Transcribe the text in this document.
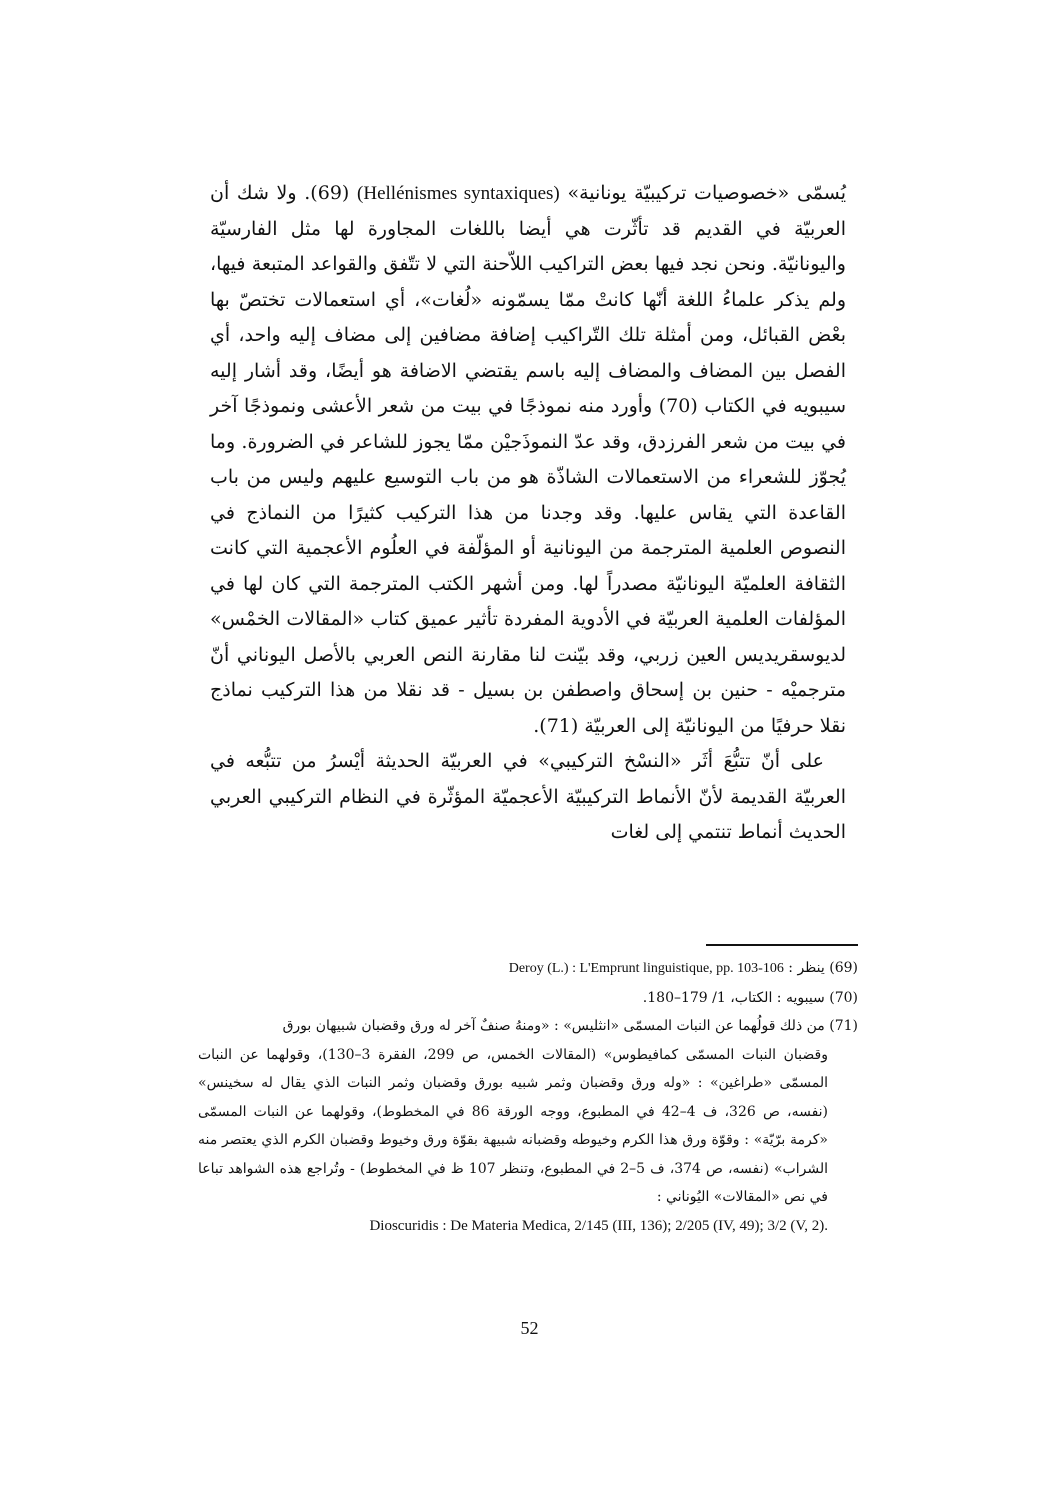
يُسمّى «خصوصيات تركيبيّة يونانية» (Hellénismes syntaxiques) (69). ولا شك أن العربيّة في القديم قد تأثّرت هي أيضا باللغات المجاورة لها مثل الفارسيّة واليونانيّة. ونحن نجد فيها بعض التراكيب اللاّحنة التي لا تتّفق والقواعد المتبعة فيها، ولم يذكر علماءُ اللغة أنّها كانتْ ممّا يسمّونه «لُغات»، أي استعمالات تختصّ بها بعْض القبائل، ومن أمثلة تلك التّراكيب إضافة مضافين إلى مضاف إليه واحد، أي الفصل بين المضاف والمضاف إليه باسم يقتضي الاضافة هو أيضًا، وقد أشار إليه سيبويه في الكتاب (70) وأورد منه نموذجًا في بيت من شعر الأعشى ونموذجًا آخر في بيت من شعر الفرزدق، وقد عدّ النموذَجيْن ممّا يجوز للشاعر في الضرورة. وما يُجوّز للشعراء من الاستعمالات الشاذّة هو من باب التوسيع عليهم وليس من باب القاعدة التي يقاس عليها. وقد وجدنا من هذا التركيب كثيرًا من النماذج في النصوص العلمية المترجمة من اليونانية أو المؤلّفة في العلُوم الأعجمية التي كانت الثقافة العلميّة اليونانيّة مصدراً لها. ومن أشهر الكتب المترجمة التي كان لها في المؤلفات العلمية العربيّة في الأدوية المفردة تأثير عميق كتاب «المقالات الخمْس» لديوسقريديس العين زربي، وقد بيّنت لنا مقارنة النص العربي بالأصل اليوناني أنّ مترجميْه - حنين بن إسحاق واصطفن بن بسيل - قد نقلا من هذا التركيب نماذج نقلا حرفيًا من اليونانيّة إلى العربيّة (71).

على أنّ تتبُّعَ أثَر «النسْخ التركيبي» في العربيّة الحديثة أيْسرُ من تتبُّعه في العربيّة القديمة لأنّ الأنماط التركيبيّة الأعجميّة المؤثّرة في النظام التركيبي العربي الحديث أنماط تنتمي إلى لغات

(69) ينظر : Deroy (L.) : L'Emprunt linguistique, pp. 103-106

(70) سيبويه : الكتاب، 1/ 179–180.

(71) من ذلك قولُهما عن النبات المسمّى «انثليس» : «ومنهُ صنفٌ آخر له ورق وقضبان شبيهان بورق

وقضبان النبات المسمّى كمافيطوس» (المقالات الخمس، ص 299، الفقرة 3–130)، وقولهما عن النبات المسمّى «طراغين» : «وله ورق وقضبان وثمر شبيه بورق وقضبان وثمر النبات الذي يقال له سخينس» (نفسه، ص 326، ف 4–42 في المطبوع، ووجه الورقة 86 في المخطوط)، وقولهما عن النبات المسمّى «كرمة برّيّة» : وقوّة ورق هذا الكرم وخيوطه وقضبانه شبيهة بقوّة ورق وخيوط وقضبان الكرم الذي يعتصر منه الشراب» (نفسه، ص 374، ف 5–2 في المطبوع، وتنظر 107 ظ في المخطوط) - وتُراجع هذه الشواهد تباعا في نص «المقالات» اليُوناني :

Dioscuridis : De Materia Medica, 2/145 (III, 136); 2/205 (IV, 49); 3/2 (V, 2).

52
